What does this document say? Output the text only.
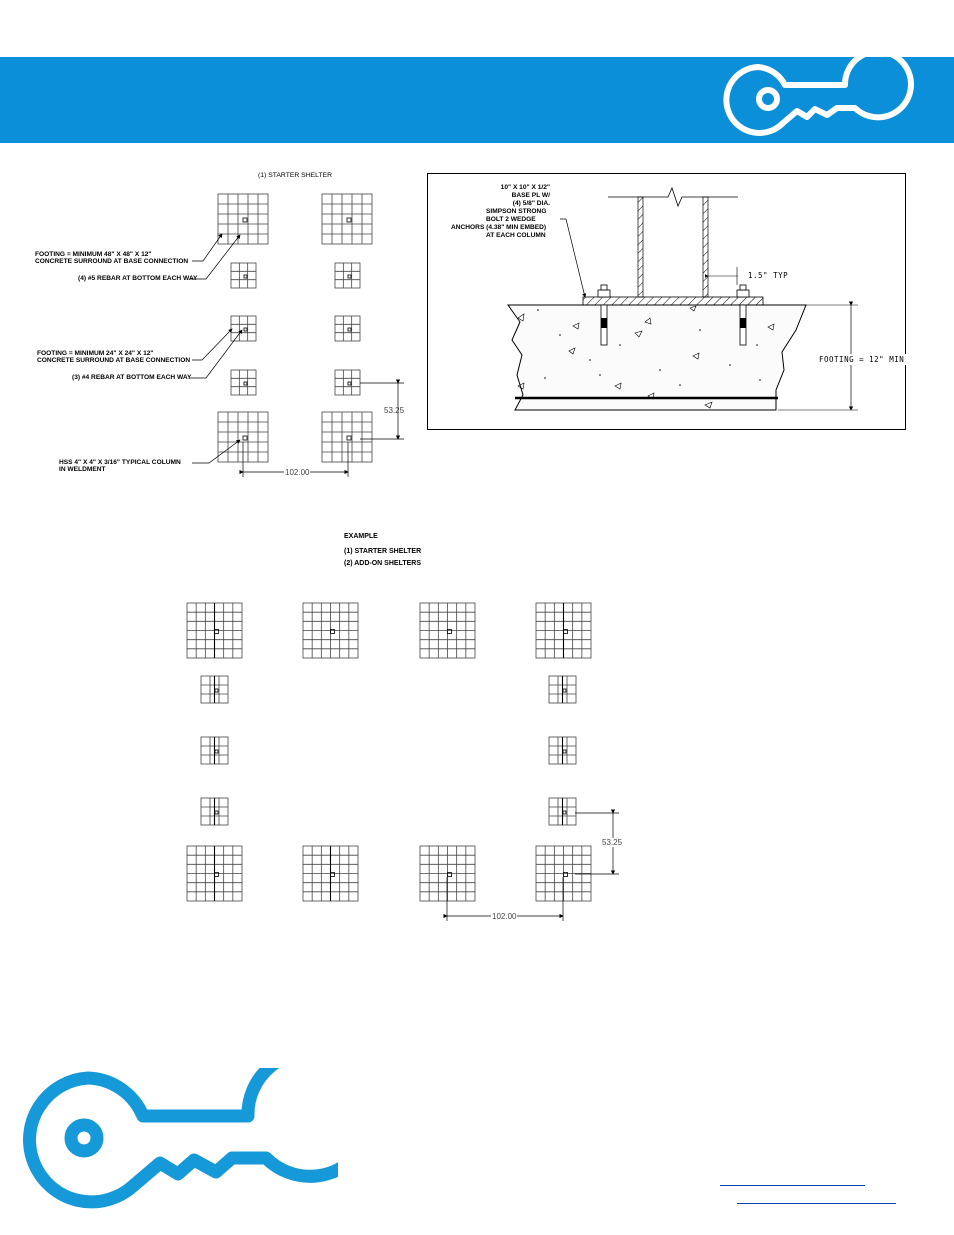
(1) STARTER SHELTER
FOOTING = MINIMUM 48" X 48" X 12"
CONCRETE SURROUND AT BASE CONNECTION
(4) #5 REBAR AT BOTTOM EACH WAY
FOOTING = MINIMUM 24" X 24" X 12"
CONCRETE SURROUND AT BASE CONNECTION
(3) #4 REBAR AT BOTTOM EACH WAY
HSS 4" X 4" X 3/16" TYPICAL COLUMN
IN WELDMENT
53.25
102.00
10" X 10" X 1/2"
BASE PL W/
(4) 5/8" DIA.
SIMPSON STRONG
BOLT 2 WEDGE
ANCHORS (4.38" MIN EMBED)
AT EACH COLUMN
1.5" TYP
FOOTING = 12" MIN
EXAMPLE
(1) STARTER SHELTER
(2) ADD-ON SHELTERS
53.25
102.00
